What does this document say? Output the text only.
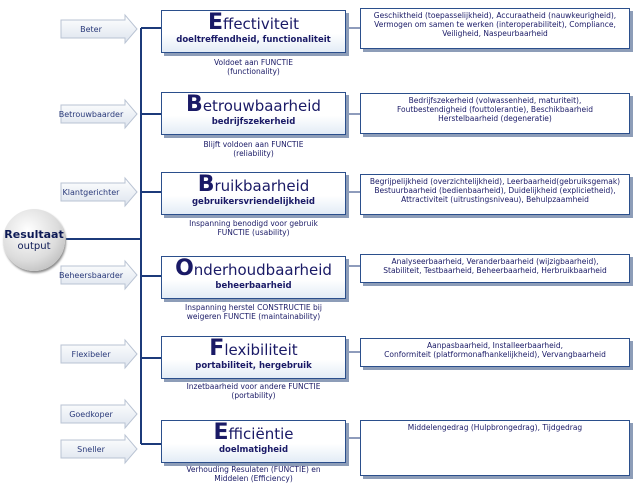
Beter
Betrouwbaarder
Klantgerichter
Beheersbaarder
Flexibeler
Goedkoper
Sneller
Resultaat
output
Effectiviteit
doeltreffendheid, functionaliteit
Voldoet aan FUNCTIE
(functionality)
Geschiktheid (toepasselijkheid), Accuraatheid (nauwkeurigheid),
Vermogen om samen te werken (interoperabiliteit), Compliance,
Veiligheid, Naspeurbaarheid
Betrouwbaarheid
bedrijfszekerheid
Blijft voldoen aan FUNCTIE
(reliability)
Bedrijfszekerheid (volwassenheid, maturiteit),
Foutbestendigheid (fouttolerantie), Beschikbaarheid
Herstelbaarheid (degeneratie)
Bruikbaarheid
gebruikersvriendelijkheid
Inspanning benodigd voor gebruik
FUNCTIE (usability)
Begrijpelijkheid (overzichtelijkheid), Leerbaarheid(gebruiksgemak)
Bestuurbaarheid (bedienbaarheid), Duidelijkheid (explicietheid),
Attractiviteit (uitrustingsniveau), Behulpzaamheid
Onderhoudbaarheid
beheerbaarheid
Inspanning herstel CONSTRUCTIE bij
weigeren FUNCTIE (maintainability)
Analyseerbaarheid, Veranderbaarheid (wijzigbaarheid),
Stabiliteit, Testbaarheid, Beheerbaarheid, Herbruikbaarheid
Flexibiliteit
portabiliteit, hergebruik
Inzetbaarheid voor andere FUNCTIE
(portability)
Aanpasbaarheid, Installeerbaarheid,
Conformiteit (platformonafhankelijkheid), Vervangbaarheid
Efficiëntie
doelmatigheid
Verhouding Resulaten (FUNCTIE) en
Middelen (Efficiency)
Middelengedrag (Hulpbrongedrag), Tijdgedrag
